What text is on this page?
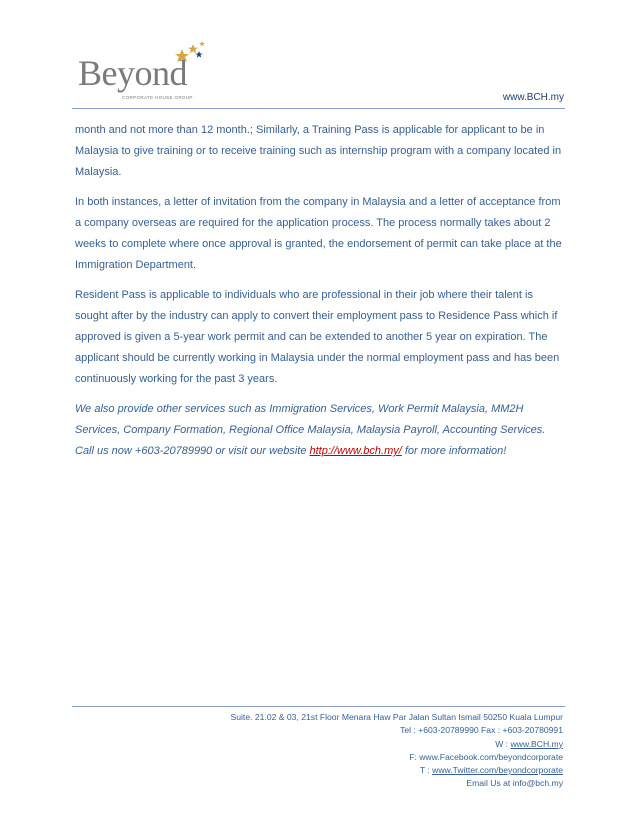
Beyond
CORPORATE HOUSE GROUP	www.BCH.my

month and not more than 12 month.; Similarly, a Training Pass is applicable for applicant to be in Malaysia to give training or to receive training such as internship program with a company located in Malaysia.

In both instances, a letter of invitation from the company in Malaysia and a letter of acceptance from a company overseas are required for the application process. The process normally takes about 2 weeks to complete where once approval is granted, the endorsement of permit can take place at the Immigration Department.

Resident Pass is applicable to individuals who are professional in their job where their talent is sought after by the industry can apply to convert their employment pass to Residence Pass which if approved is given a 5-year work permit and can be extended to another 5 year on expiration. The applicant should be currently working in Malaysia under the normal employment pass and has been continuously working for the past 3 years.

We also provide other services such as Immigration Services, Work Permit Malaysia, MM2H Services, Company Formation, Regional Office Malaysia, Malaysia Payroll, Accounting Services. Call us now +603-20789990 or visit our website http://www.bch.my/ for more information!

Suite. 21.02 & 03, 21st Floor Menara Haw Par Jalan Sultan Ismail 50250 Kuala Lumpur
Tel : +603-20789990 Fax : +603-20780991
W : www.BCH.my
F: www.Facebook.com/beyondcorporate
T : www.Twitter.com/beyondcorporate
Email Us at info@bch.my
